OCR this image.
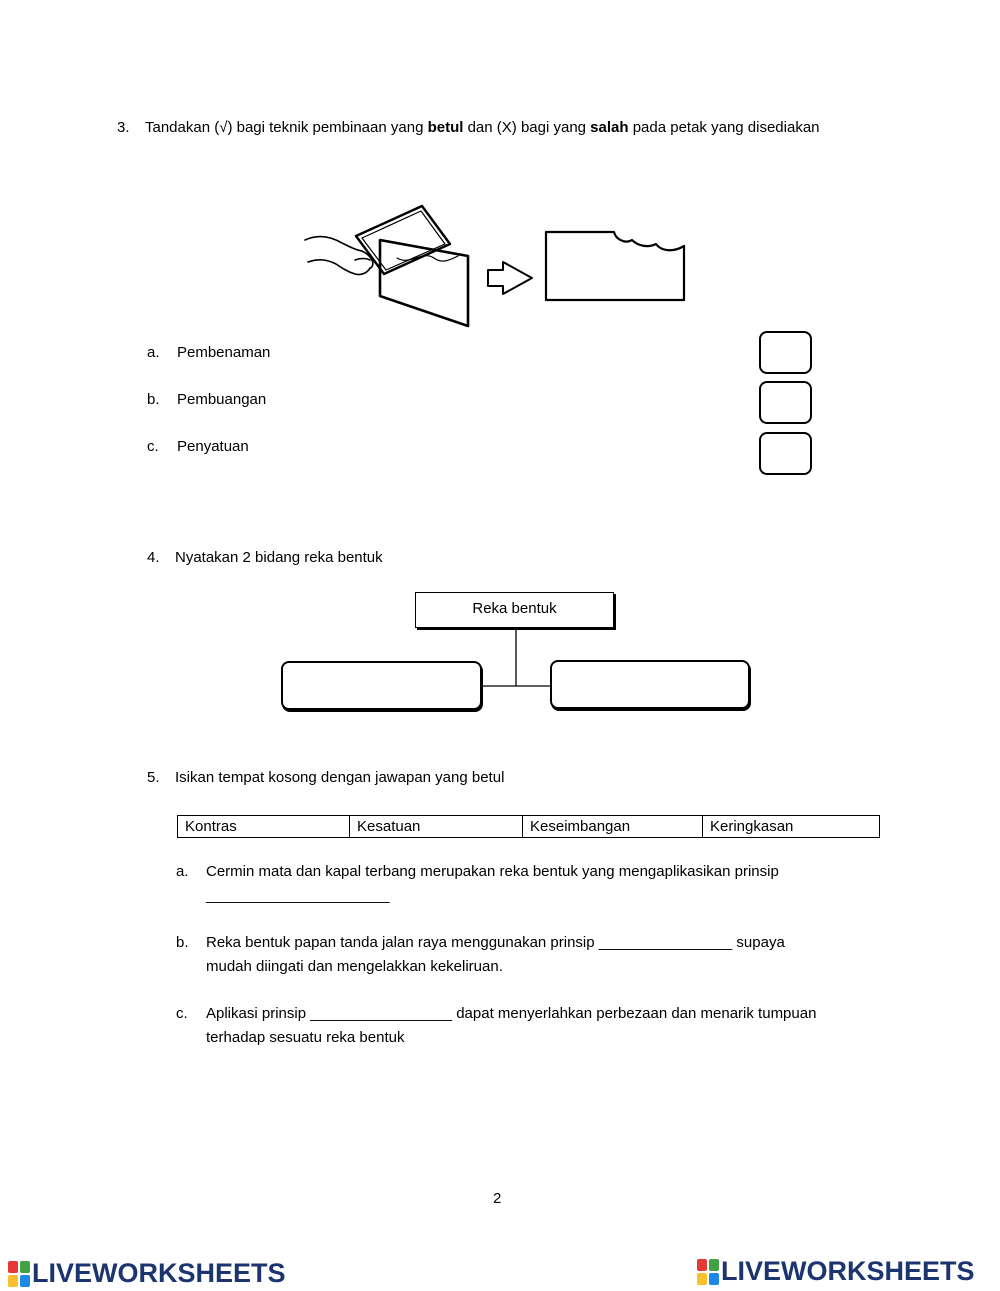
3. Tandakan (√) bagi teknik pembinaan yang betul dan (X) bagi yang salah pada petak yang disediakan
a. Pembenaman
b. Pembuangan
c. Penyatuan
4. Nyatakan 2 bidang reka bentuk
Reka bentuk
5. Isikan tempat kosong dengan jawapan yang betul
Kontras	Kesatuan	Keseimbangan	Keringkasan
a. Cermin mata dan kapal terbang merupakan reka bentuk yang mengaplikasikan prinsip
______________________
b. Reka bentuk papan tanda jalan raya menggunakan prinsip ________________ supaya
mudah diingati dan mengelakkan kekeliruan.
c. Aplikasi prinsip _________________ dapat menyerlahkan perbezaan dan menarik tumpuan
terhadap sesuatu reka bentuk
2
LIVEWORKSHEETS	LIVEWORKSHEETS
